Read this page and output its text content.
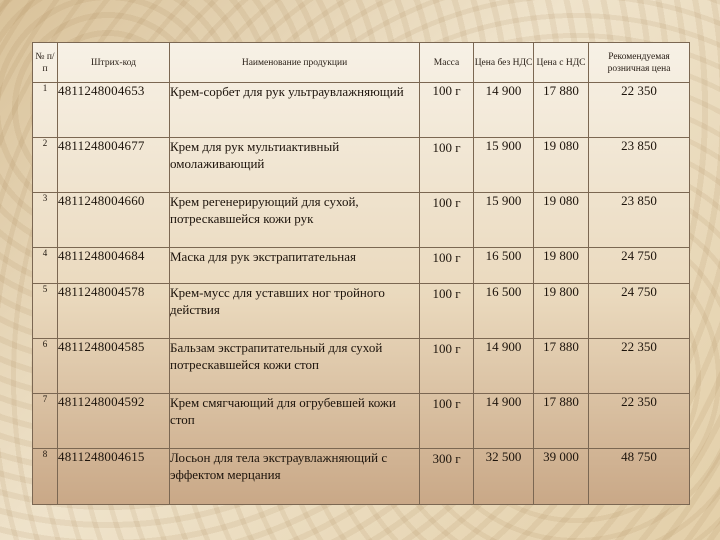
№ п/п	Штрих-код	Наименование продукции	Масса	Цена без НДС	Цена с НДС	Рекомендуемая розничная цена
1	4811248004653	Крем-сорбет для рук ультраувлажняющий	100 г	14 900	17 880	22 350
2	4811248004677	Крем для рук мультиактивный омолаживающий	100 г	15 900	19 080	23 850
3	4811248004660	Крем регенерирующий для сухой, потрескавшейся кожи рук	100 г	15 900	19 080	23 850
4	4811248004684	Маска для рук экстрапитательная	100 г	16 500	19 800	24 750
5	4811248004578	Крем-мусс для уставших ног тройного действия	100 г	16 500	19 800	24 750
6	4811248004585	Бальзам экстрапитательный для сухой потрескавшейся кожи стоп	100 г	14 900	17 880	22 350
7	4811248004592	Крем смягчающий для огрубевшей кожи стоп	100 г	14 900	17 880	22 350
8	4811248004615	Лосьон для тела экстраувлажняющий с эффектом мерцания	300 г	32 500	39 000	48 750
